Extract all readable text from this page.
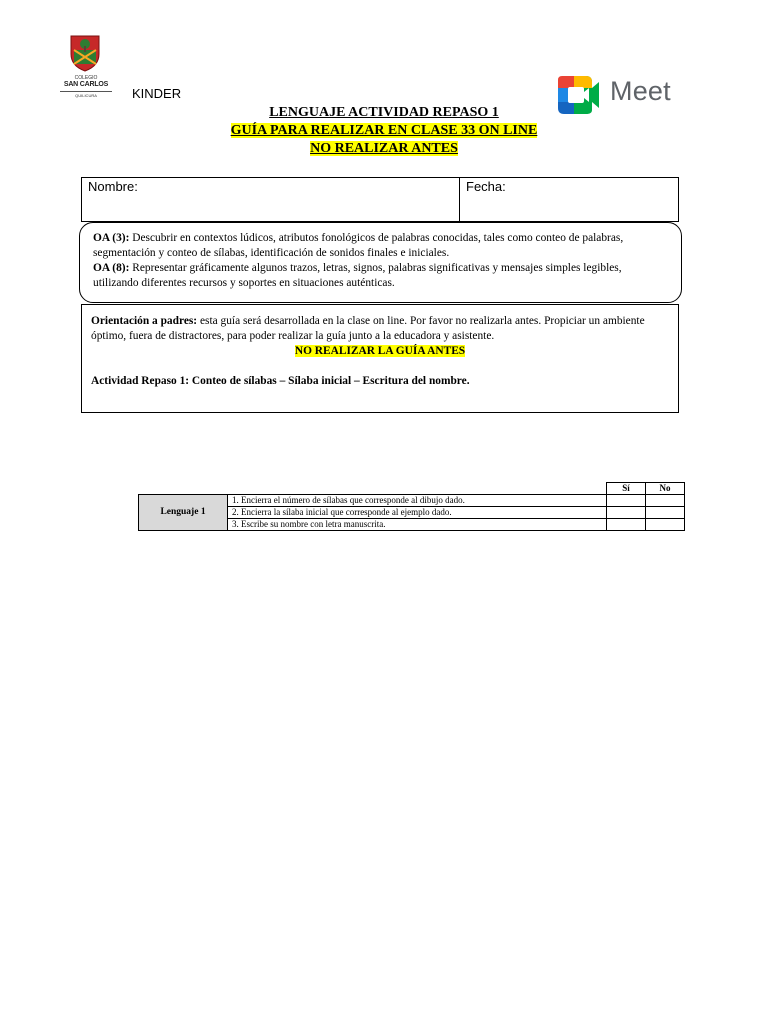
COLEGIO
SAN CARLOS
QUILICURA	KINDER	Meet
LENGUAJE ACTIVIDAD REPASO 1
GUÍA PARA REALIZAR EN CLASE 33 ON LINE
NO REALIZAR ANTES
Nombre:	Fecha:
OA (3): Descubrir en contextos lúdicos, atributos fonológicos de palabras conocidas, tales como conteo de palabras, segmentación y conteo de sílabas, identificación de sonidos finales e iniciales.
OA (8): Representar gráficamente algunos trazos, letras, signos, palabras significativas y mensajes simples legibles, utilizando diferentes recursos y soportes en situaciones auténticas.
Orientación a padres: esta guía será desarrollada en la clase on line. Por favor no realizarla antes. Propiciar un ambiente óptimo, fuera de distractores, para poder realizar la guía junto a la educadora y asistente.
NO REALIZAR LA GUÍA ANTES
Actividad Repaso 1: Conteo de sílabas – Sílaba inicial – Escritura del nombre.
		Sí	No
Lenguaje 1	1. Encierra el número de sílabas que corresponde al dibujo dado.		
	2. Encierra la sílaba inicial que corresponde al ejemplo dado.		
	3. Escribe su nombre con letra manuscrita.		
